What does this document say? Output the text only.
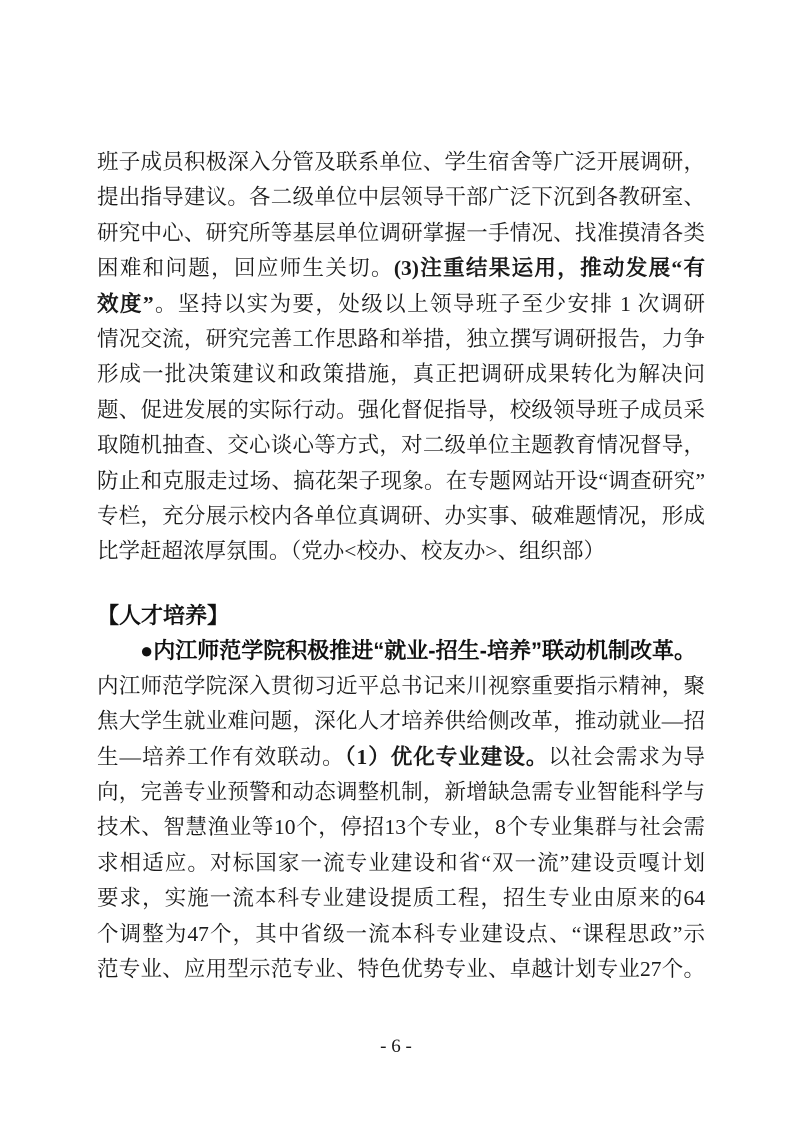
班子成员积极深入分管及联系单位、学生宿舍等广泛开展调研，
提出指导建议。各二级单位中层领导干部广泛下沉到各教研室、
研究中心、研究所等基层单位调研掌握一手情况、找准摸清各类
困难和问题，回应师生关切。(3)注重结果运用，推动发展“有
效度”。坚持以实为要，处级以上领导班子至少安排 1 次调研
情况交流，研究完善工作思路和举措，独立撰写调研报告，力争
形成一批决策建议和政策措施，真正把调研成果转化为解决问
题、促进发展的实际行动。强化督促指导，校级领导班子成员采
取随机抽查、交心谈心等方式，对二级单位主题教育情况督导，
防止和克服走过场、搞花架子现象。在专题网站开设“调查研究”
专栏，充分展示校内各单位真调研、办实事、破难题情况，形成
比学赶超浓厚氛围。（党办<校办、校友办>、组织部）
【人才培养】
●内江师范学院积极推进“就业-招生-培养”联动机制改革。
内江师范学院深入贯彻习近平总书记来川视察重要指示精神，聚
焦大学生就业难问题，深化人才培养供给侧改革，推动就业—招
生—培养工作有效联动。（1）优化专业建设。以社会需求为导
向，完善专业预警和动态调整机制，新增缺急需专业智能科学与
技术、智慧渔业等10个，停招13个专业，8个专业集群与社会需
求相适应。对标国家一流专业建设和省“双一流”建设贡嘎计划
要求，实施一流本科专业建设提质工程，招生专业由原来的64
个调整为47个，其中省级一流本科专业建设点、“课程思政”示
范专业、应用型示范专业、特色优势专业、卓越计划专业27个。
- 6 -
